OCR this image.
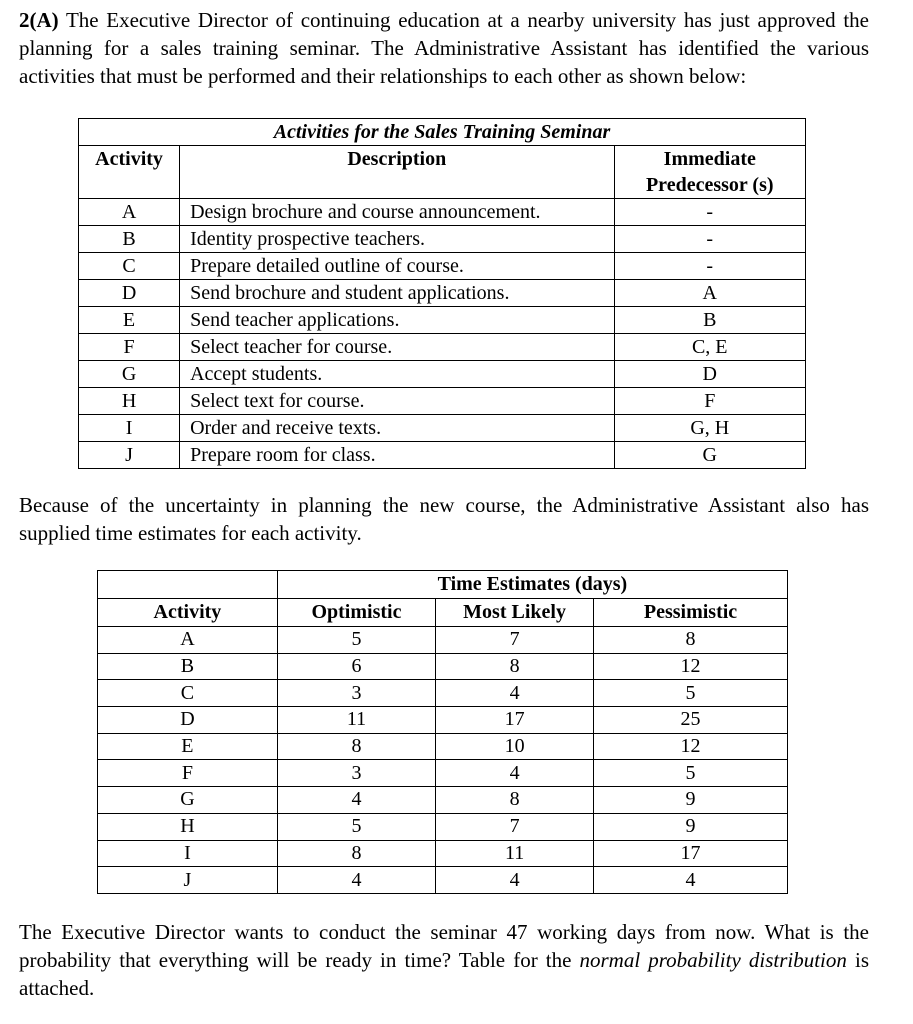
2(A) The Executive Director of continuing education at a nearby university has just approved the planning for a sales training seminar. The Administrative Assistant has identified the various activities that must be performed and their relationships to each other as shown below:
Activities for the Sales Training Seminar		
Activity	Description	Immediate
Predecessor (s)
A	Design brochure and course announcement.	-
B	Identity prospective teachers.	-
C	Prepare detailed outline of course.	-
D	Send brochure and student applications.	A
E	Send teacher applications.	B
F	Select teacher for course.	C, E
G	Accept students.	D
H	Select text for course.	F
I	Order and receive texts.	G, H
J	Prepare room for class.	G
Because of the uncertainty in planning the new course, the Administrative Assistant also has supplied time estimates for each activity.
	Time Estimates (days)		
Activity	Optimistic	Most Likely	Pessimistic
A	5	7	8
B	6	8	12
C	3	4	5
D	11	17	25
E	8	10	12
F	3	4	5
G	4	8	9
H	5	7	9
I	8	11	17
J	4	4	4
The Executive Director wants to conduct the seminar 47 working days from now. What is the probability that everything will be ready in time? Table for the normal probability distribution is attached.
